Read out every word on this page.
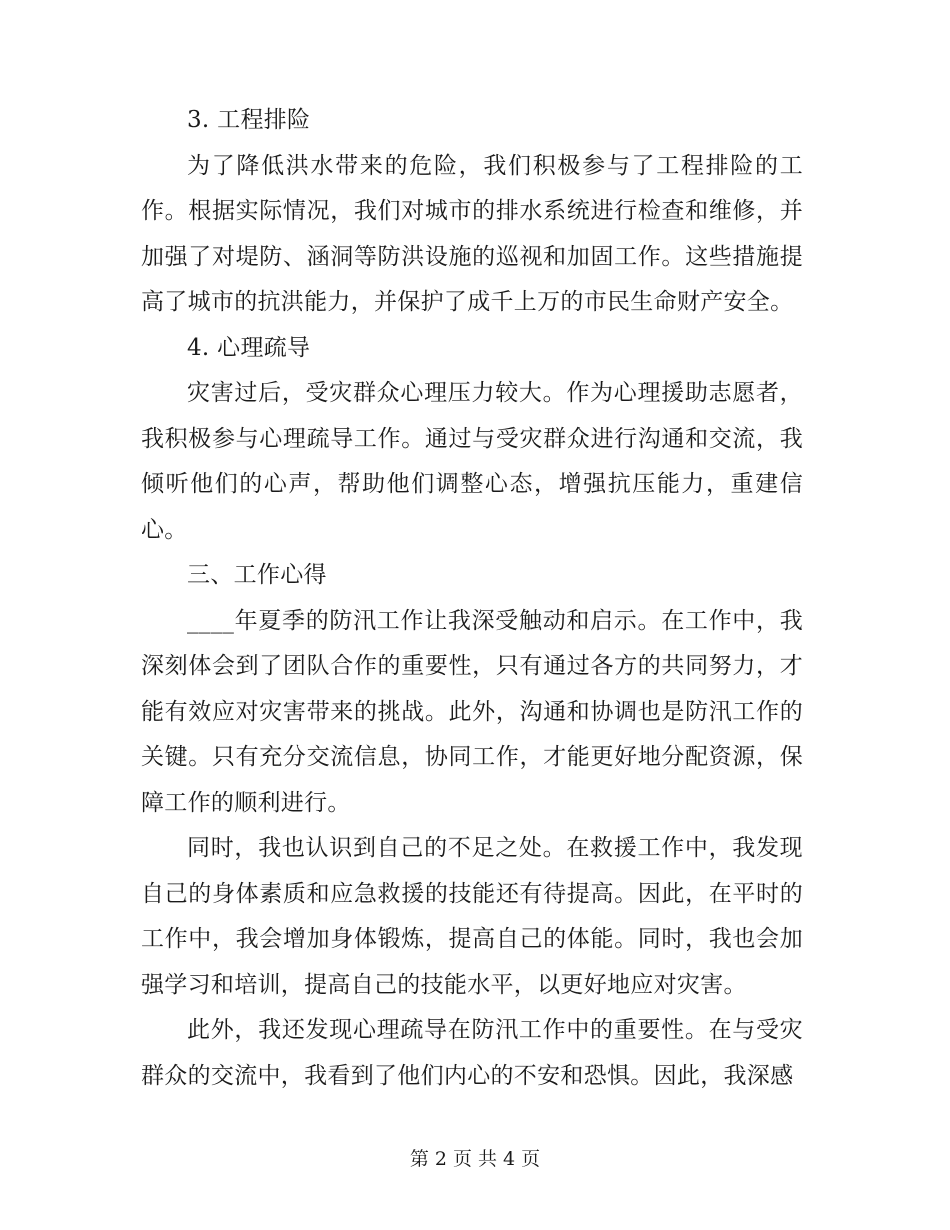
3. 工程排险

为了降低洪水带来的危险，我们积极参与了工程排险的工作。根据实际情况，我们对城市的排水系统进行检查和维修，并加强了对堤防、涵洞等防洪设施的巡视和加固工作。这些措施提高了城市的抗洪能力，并保护了成千上万的市民生命财产安全。

4. 心理疏导

灾害过后，受灾群众心理压力较大。作为心理援助志愿者，我积极参与心理疏导工作。通过与受灾群众进行沟通和交流，我倾听他们的心声，帮助他们调整心态，增强抗压能力，重建信心。

三、工作心得

____年夏季的防汛工作让我深受触动和启示。在工作中，我深刻体会到了团队合作的重要性，只有通过各方的共同努力，才能有效应对灾害带来的挑战。此外，沟通和协调也是防汛工作的关键。只有充分交流信息，协同工作，才能更好地分配资源，保障工作的顺利进行。

同时，我也认识到自己的不足之处。在救援工作中，我发现自己的身体素质和应急救援的技能还有待提高。因此，在平时的工作中，我会增加身体锻炼，提高自己的体能。同时，我也会加强学习和培训，提高自己的技能水平，以更好地应对灾害。

此外，我还发现心理疏导在防汛工作中的重要性。在与受灾群众的交流中，我看到了他们内心的不安和恐惧。因此，我深感

第 2 页 共 4 页
